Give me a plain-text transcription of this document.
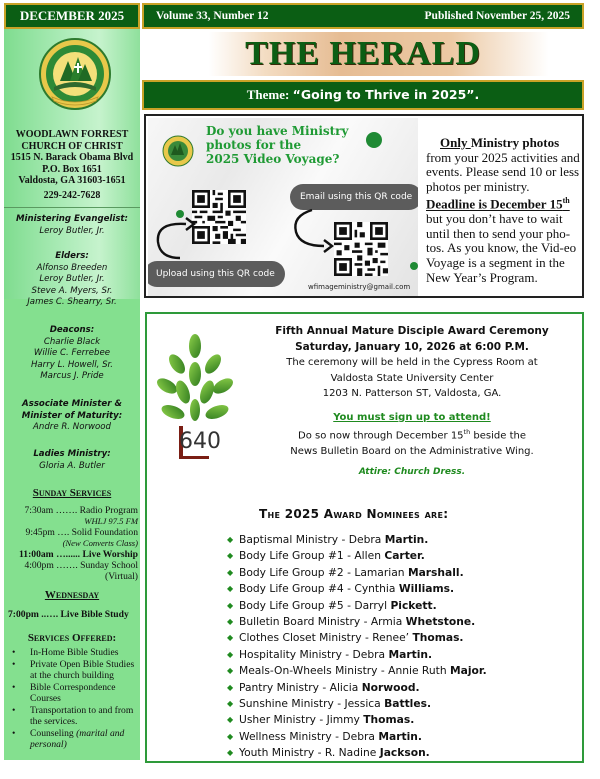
DECEMBER 2025
WOODLAWN FORREST
CHURCH OF CHRIST
1515 N. Barack Obama Blvd
P.O. Box 1651
Valdosta, GA 31603-1651
229-242-7628
Ministering Evangelist:
Leroy Butler, Jr.
Elders:
Alfonso Breeden
Leroy Butler, Jr.
Steve A. Myers, Sr.
James C. Shearry, Sr.
Deacons:
Charlie Black
Willie C. Ferrebee
Harry L. Howell, Sr.
Marcus J. Pride
Associate Minister &
Minister of Maturity:
Andre R. Norwood
Ladies Ministry:
Gloria A. Butler
Sunday Services
7:30am ……. Radio Program
WHLJ 97.5 FM
9:45pm …. Solid Foundation
(New Converts Class)
11:00am …...... Live Worship
4:00pm ……. Sunday School
(Virtual)
Wednesday
7:00pm ..…. Live Bible Study
Services Offered:
• In-Home Bible Studies
• Private Open Bible Studies at the church building
• Bible Correspondence Courses
• Transportation to and from the services.
• Counseling (marital and personal)
Volume 33, Number 12	Published November 25, 2025
THE HERALD
Theme: “Going to Thrive in 2025”.
Do you have Ministry
photos for the
2025 Video Voyage?
Email using this QR code
Upload using this QR code
wfimageministry@gmail.com

Only Ministry photos from your 2025 activities and events. Please send 10 or less photos per ministry.

Deadline is December 15th
but you don’t have to wait until then to send your pho-tos. As you know, the Vid-eo Voyage is a segment in the New Year’s Program.
640
Fifth Annual Mature Disciple Award Ceremony
Saturday, January 10, 2026 at 6:00 P.M.
The ceremony will be held in the Cypress Room at
Valdosta State University Center
1203 N. Patterson ST, Valdosta, GA.
You must sign up to attend!
Do so now through December 15th beside the
News Bulletin Board on the Administrative Wing.
Attire: Church Dress.
The 2025 Award Nominees are:
◆ Baptismal Ministry - Debra Martin.
◆ Body Life Group #1 - Allen Carter.
◆ Body Life Group #2 - Lamarian Marshall.
◆ Body Life Group #4 - Cynthia Williams.
◆ Body Life Group #5 - Darryl Pickett.
◆ Bulletin Board Ministry - Armia Whetstone.
◆ Clothes Closet Ministry - Renee’ Thomas.
◆ Hospitality Ministry - Debra Martin.
◆ Meals-On-Wheels Ministry - Annie Ruth Major.
◆ Pantry Ministry - Alicia Norwood.
◆ Sunshine Ministry - Jessica Battles.
◆ Usher Ministry - Jimmy Thomas.
◆ Wellness Ministry - Debra Martin.
◆ Youth Ministry - R. Nadine Jackson.
